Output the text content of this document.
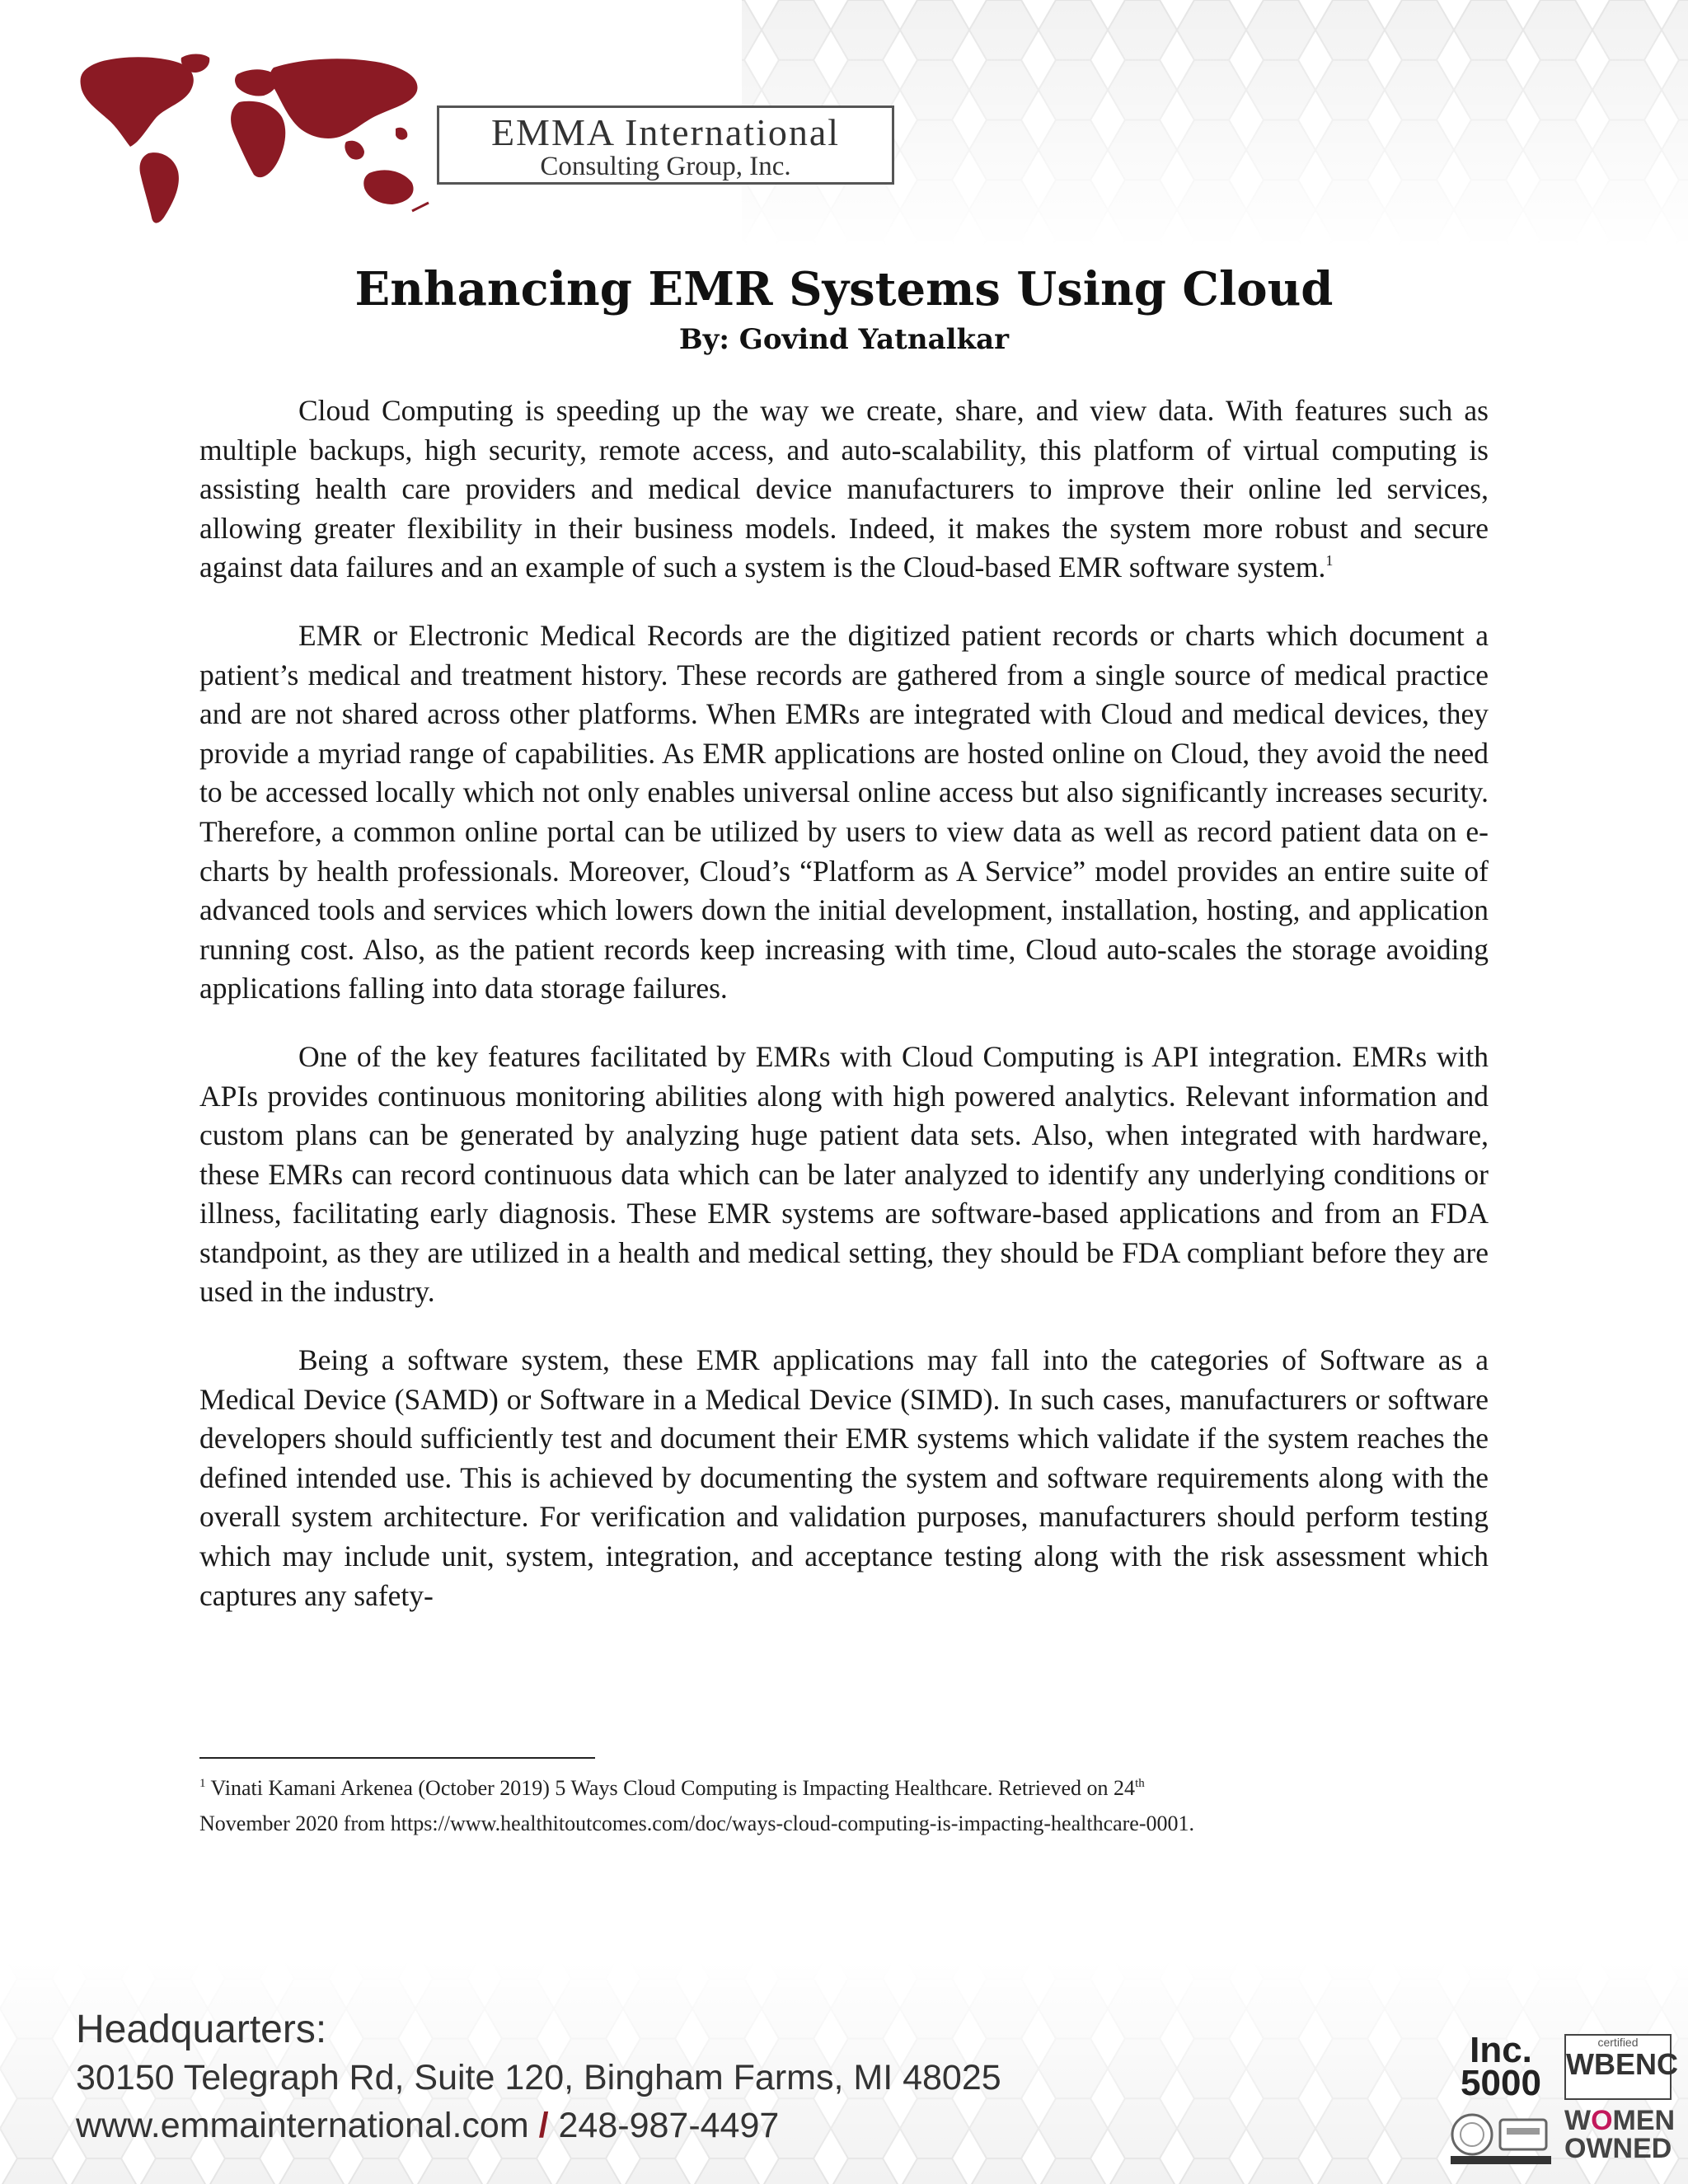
EMMA International
Consulting Group, Inc.
Enhancing EMR Systems Using Cloud
By: Govind Yatnalkar

Cloud Computing is speeding up the way we create, share, and view data. With features such as multiple backups, high security, remote access, and auto-scalability, this platform of virtual computing is assisting health care providers and medical device manufacturers to improve their online led services, allowing greater flexibility in their business models. Indeed, it makes the system more robust and secure against data failures and an example of such a system is the Cloud-based EMR software system.$^1$

EMR or Electronic Medical Records are the digitized patient records or charts which document a patient’s medical and treatment history. These records are gathered from a single source of medical practice and are not shared across other platforms. When EMRs are integrated with Cloud and medical devices, they provide a myriad range of capabilities. As EMR applications are hosted online on Cloud, they avoid the need to be accessed locally which not only enables universal online access but also significantly increases security. Therefore, a common online portal can be utilized by users to view data as well as record patient data on e-charts by health professionals. Moreover, Cloud’s “Platform as A Service” model provides an entire suite of advanced tools and services which lowers down the initial development, installation, hosting, and application running cost. Also, as the patient records keep increasing with time, Cloud auto-scales the storage avoiding applications falling into data storage failures.

One of the key features facilitated by EMRs with Cloud Computing is API integration. EMRs with APIs provides continuous monitoring abilities along with high powered analytics. Relevant information and custom plans can be generated by analyzing huge patient data sets. Also, when integrated with hardware, these EMRs can record continuous data which can be later analyzed to identify any underlying conditions or illness, facilitating early diagnosis. These EMR systems are software-based applications and from an FDA standpoint, as they are utilized in a health and medical setting, they should be FDA compliant before they are used in the industry.

Being a software system, these EMR applications may fall into the categories of Software as a Medical Device (SAMD) or Software in a Medical Device (SIMD). In such cases, manufacturers or software developers should sufficiently test and document their EMR systems which validate if the system reaches the defined intended use. This is achieved by documenting the system and software requirements along with the overall system architecture. For verification and validation purposes, manufacturers should perform testing which may include unit, system, integration, and acceptance testing along with the risk assessment which captures any safety-

$^1$ Vinati Kamani Arkenea (October 2019) 5 Ways Cloud Computing is Impacting Healthcare. Retrieved on 24th
November 2020 from https://www.healthitoutcomes.com/doc/ways-cloud-computing-is-impacting-healthcare-0001.
Headquarters:
30150 Telegraph Rd, Suite 120, Bingham Farms, MI 48025
www.emmainternational.com / 248-987-4497
Inc.
5000
certified
WBENC
WOMEN
OWNED
